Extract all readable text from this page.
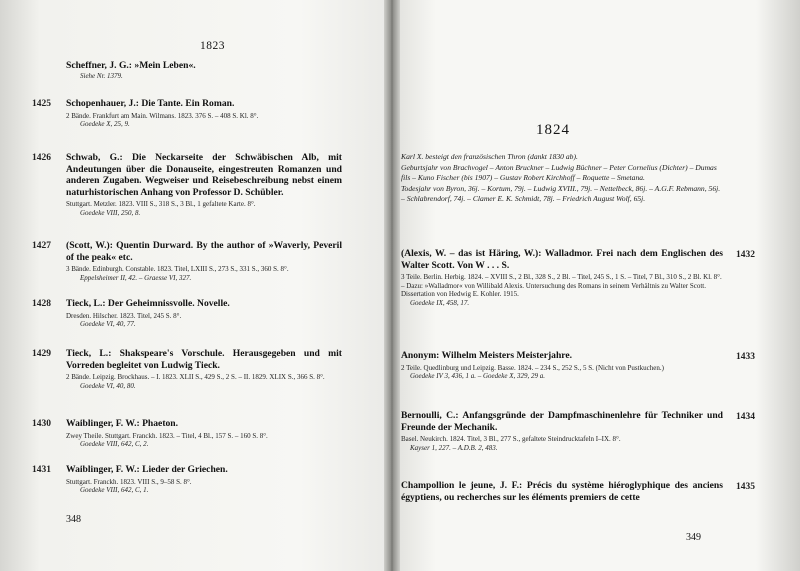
1823
Scheffner, J. G.: »Mein Leben«.
Siehe Nr. 1379.
1425 Schopenhauer, J.: Die Tante. Ein Roman.
2 Bände. Frankfurt am Main. Wilmans. 1823. 376 S. – 408 S. Kl. 8°.
Goedeke X, 25, 9.
1426 Schwab, G.: Die Neckarseite der Schwäbischen Alb, mit Andeutungen über die Donauseite, eingestreuten Romanzen und anderen Zugaben. Wegweiser und Reisebeschreibung nebst einem naturhistorischen Anhang von Professor D. Schübler.
Stuttgart. Metzler. 1823. VIII S., 318 S., 3 Bl., 1 gefaltete Karte. 8°.
Goedeke VIII, 250, 8.
1427 (Scott, W.): Quentin Durward. By the author of »Waverly, Peveril of the peak« etc.
3 Bände. Edinburgh. Constable. 1823. Titel, LXIII S., 273 S., 331 S., 360 S. 8°.
Eppelsheimer II, 42. – Graesse VI, 327.
1428 Tieck, L.: Der Geheimnissvolle. Novelle.
Dresden. Hilscher. 1823. Titel, 245 S. 8°.
Goedeke VI, 40, 77.
1429 Tieck, L.: Shakspeare's Vorschule. Herausgegeben und mit Vorreden begleitet von Ludwig Tieck.
2 Bände. Leipzig. Brockhaus. – I. 1823. XLII S., 429 S., 2 S. – II. 1829. XLIX S., 366 S. 8°.
Goedeke VI, 40, 80.
1430 Waiblinger, F. W.: Phaeton.
Zwey Theile. Stuttgart. Franckh. 1823. – Titel, 4 Bl., 157 S. – 160 S. 8°.
Goedeke VIII, 642, C, 2.
1431 Waiblinger, F. W.: Lieder der Griechen.
Stuttgart. Franckh. 1823. VIII S., 9–58 S. 8°.
Goedeke VIII, 642, C, 1.
348
1824

Karl X. besteigt den französischen Thron (dankt 1830 ab).

Geburtsjahr von Brachvogel – Anton Bruckner – Ludwig Büchner – Peter Cornelius (Dichter) – Dumas fils – Kuno Fischer (bis 1907) – Gustav Robert Kirchhoff – Roquette – Smetana.

Todesjahr von Byron, 36j. – Kortum, 79j. – Ludwig XVIII., 79j. – Nettelbeck, 86j. – A.G.F. Rebmann, 56j. – Schlabrendorf, 74j. – Clamer E. K. Schmidt, 78j. – Friedrich August Wolf, 65j.

(Alexis, W. – das ist Häring, W.): Walladmor. Frei nach dem Englischen des Walter Scott. Von W . . . S.
3 Teile. Berlin. Herbig. 1824. – XVIII S., 2 Bl., 328 S., 2 Bl. – Titel, 245 S., 1 S. – Titel, 7 Bl., 310 S., 2 Bl. Kl. 8°. – Dazu: »Walladmor« von Willibald Alexis. Untersuchung des Romans in seinem Verhältnis zu Walter Scott. Dissertation von Hedwig E. Kohler. 1915.
Goedeke IX, 458, 17.
1432
Anonym: Wilhelm Meisters Meisterjahre.
2 Teile. Quedlinburg und Leipzig. Basse. 1824. – 234 S., 252 S., 5 S. (Nicht von Pustkuchen.)
Goedeke IV 3, 436, 1 a. – Goedeke X, 329, 29 a.
1433
Bernoulli, C.: Anfangsgründe der Dampfmaschinenlehre für Techniker und Freunde der Mechanik.
Basel. Neukirch. 1824. Titel, 3 Bl., 277 S., gefaltete Steindrucktafeln I–IX. 8°.
Kayser 1, 227. – A.D.B. 2, 483.
1434
Champollion le jeune, J. F.: Précis du système hiéroglyphique des anciens égyptiens, ou recherches sur les éléments premiers de cette
1435
349
